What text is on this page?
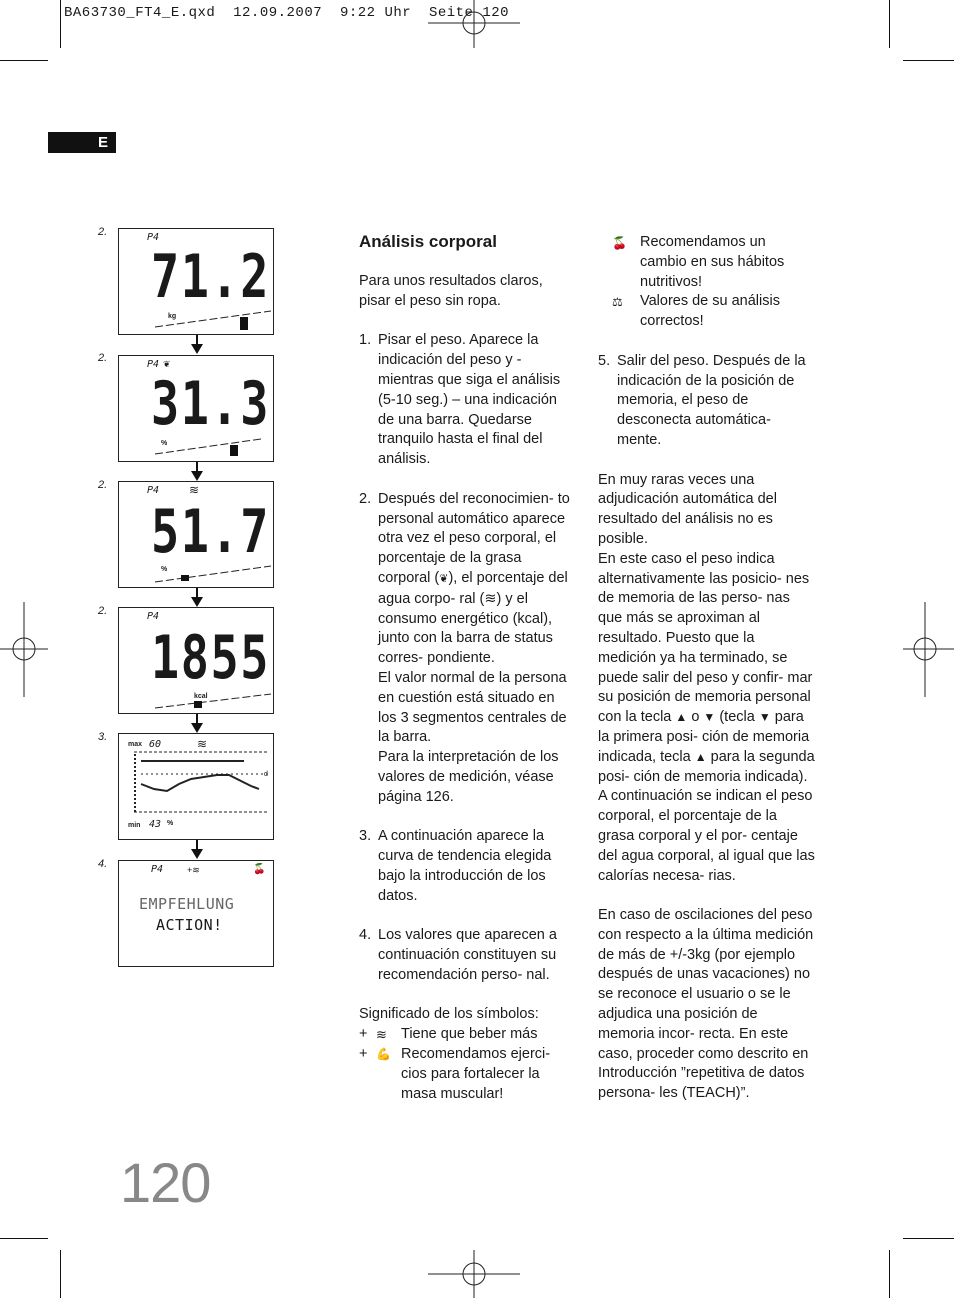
BA63730_FT4_E.qxd  12.09.2007  9:22 Uhr  Seite 120
E
2.	P4
71.2
kg
2.
P4 ❦
31.3
%
2.	P4 ≋
51.7
%
2.	P4
1855
kcal
3.
max 60	≋
min 43 %
d
4.	P4	+≋	🍒
EMPFEHLUNG
ACTION!
Análisis corporal

Para unos resultados claros, pisar el peso sin ropa.

1. Pisar el peso. Aparece la indicación del peso y - mientras que siga el análisis (5-10 seg.) – una indicación de una barra. Quedarse tranquilo hasta el final del análisis.
2. Después del reconocimien- to personal automático aparece otra vez el peso corporal, el porcentaje de la grasa corporal (❦), el porcentaje del agua corpo- ral (≋) y el consumo energético (kcal), junto con la barra de status corres- pondiente.
El valor normal de la persona en cuestión está situado en los 3 segmentos centrales de la barra.
Para la interpretación de los valores de medición, véase página 126.
3. A continuación aparece la curva de tendencia elegida bajo la introducción de los datos.
4. Los valores que aparecen a continuación constituyen su recomendación perso- nal.
Significado de los símbolos:
+ ≋ Tiene que beber más
+ 💪 Recomendamos ejerci- cios para fortalecer la masa muscular!
🍒 Recomendamos un cambio en sus hábitos nutritivos!
⚖ Valores de su análisis correctos!
5. Salir del peso. Después de la indicación de la posición de memoria, el peso de desconecta automática- mente.

En muy raras veces una adjudicación automática del resultado del análisis no es posible.
En este caso el peso indica alternativamente las posicio- nes de memoria de las perso- nas que más se aproximan al resultado. Puesto que la medición ya ha terminado, se puede salir del peso y confir- mar su posición de memoria personal con la tecla ▲ o ▼ (tecla ▼ para la primera posi- ción de memoria indicada, tecla ▲ para la segunda posi- ción de memoria indicada).
A continuación se indican el peso corporal, el porcentaje de la grasa corporal y el por- centaje del agua corporal, al igual que las calorías necesa- rias.

En caso de oscilaciones del peso con respecto a la última medición de más de +/-3kg (por ejemplo después de unas vacaciones) no se reconoce el usuario o se le adjudica una posición de memoria incor- recta. En este caso, proceder como descrito en Introducción ”repetitiva de datos persona- les (TEACH)”.

120
